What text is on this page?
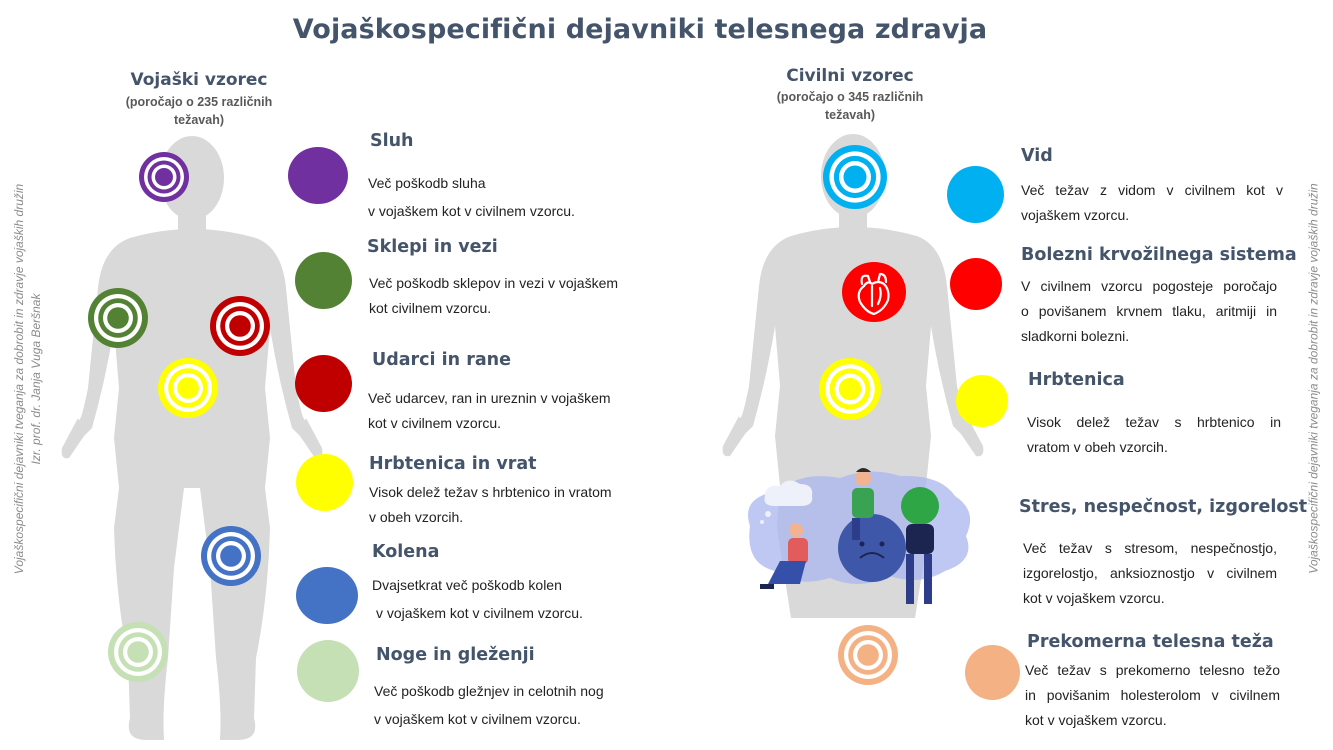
Vojaškospecifični dejavniki telesnega zdravja
Vojaškospecifični dejavniki tveganja za dobrobit in zdravje vojaških družin Izr. prof. dr. Janja Vuga Beršnak	Vojaškospecifični dejavniki tveganja za dobrobit in zdravje vojaških družin
Vojaški vzorec
(poročajo o 235 različnih
težavah)
Civilni vzorec
(poročajo o 345 različnih
težavah)
Sluh
Več poškodb sluha
v vojaškem kot v civilnem vzorcu.
Sklepi in vezi
Več poškodb sklepov in vezi v vojaškem
kot civilnem vzorcu.
Udarci in rane
Več udarcev, ran in ureznin v vojaškem
kot v civilnem vzorcu.
Hrbtenica in vrat
Visok delež težav s hrbtenico in vratom
v obeh vzorcih.
Kolena
Dvajsetkrat več poškodb kolen
v vojaškem kot v civilnem vzorcu.
Noge in gleženji
Več poškodb gležnjev in celotnih nog
v vojaškem kot v civilnem vzorcu.
Vid
Več težav z vidom v civilnem kot v
vojaškem vzorcu.
Bolezni krvožilnega sistema
V civilnem vzorcu pogosteje poročajo
o povišanem krvnem tlaku, aritmiji in
sladkorni bolezni.
Hrbtenica
Visok delež težav s hrbtenico in
vratom v obeh vzorcih.
Stres, nespečnost, izgorelost
Več težav s stresom, nespečnostjo,
izgorelostjo, anksioznostjo v civilnem
kot v vojaškem vzorcu.
Prekomerna telesna teža
Več težav s prekomerno telesno težo
in povišanim holesterolom v civilnem
kot v vojaškem vzorcu.
